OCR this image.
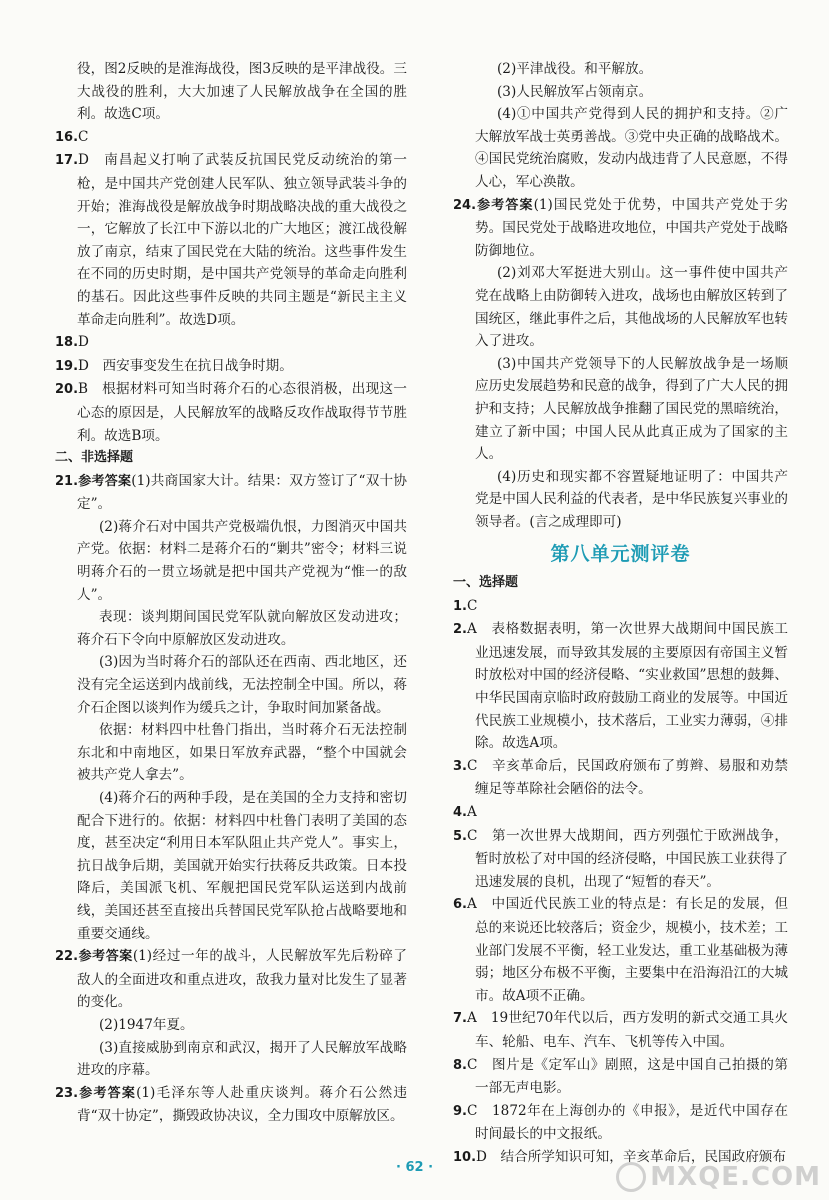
役，图2反映的是淮海战役，图3反映的是平津战役。三大战役的胜利，大大加速了人民解放战争在全国的胜利。故选C项。

16.C

17.D　南昌起义打响了武装反抗国民党反动统治的第一枪，是中国共产党创建人民军队、独立领导武装斗争的开始；淮海战役是解放战争时期战略决战的重大战役之一，它解放了长江中下游以北的广大地区；渡江战役解放了南京，结束了国民党在大陆的统治。这些事件发生在不同的历史时期，是中国共产党领导的革命走向胜利的基石。因此这些事件反映的共同主题是“新民主主义革命走向胜利”。故选D项。

18.D

19.D　西安事变发生在抗日战争时期。

20.B　根据材料可知当时蒋介石的心态很消极，出现这一心态的原因是，人民解放军的战略反攻作战取得节节胜利。故选B项。

二、非选择题

21.参考答案(1)共商国家大计。结果：双方签订了“双十协定”。

(2)蒋介石对中国共产党极端仇恨，力图消灭中国共产党。依据：材料二是蒋介石的“剿共”密令；材料三说明蒋介石的一贯立场就是把中国共产党视为“惟一的敌人”。

表现：谈判期间国民党军队就向解放区发动进攻；蒋介石下令向中原解放区发动进攻。

(3)因为当时蒋介石的部队还在西南、西北地区，还没有完全运送到内战前线，无法控制全中国。所以，蒋介石企图以谈判作为缓兵之计，争取时间加紧备战。

依据：材料四中杜鲁门指出，当时蒋介石无法控制东北和中南地区，如果日军放弃武器，“整个中国就会被共产党人拿去”。

(4)蒋介石的两种手段，是在美国的全力支持和密切配合下进行的。依据：材料四中杜鲁门表明了美国的态度，甚至决定“利用日本军队阻止共产党人”。事实上，抗日战争后期，美国就开始实行扶蒋反共政策。日本投降后，美国派飞机、军舰把国民党军队运送到内战前线，美国还甚至直接出兵替国民党军队抢占战略要地和重要交通线。

22.参考答案(1)经过一年的战斗，人民解放军先后粉碎了敌人的全面进攻和重点进攻，敌我力量对比发生了显著的变化。

(2)1947年夏。

(3)直接威胁到南京和武汉，揭开了人民解放军战略进攻的序幕。

23.参考答案(1)毛泽东等人赴重庆谈判。蒋介石公然违背“双十协定”，撕毁政协决议，全力围攻中原解放区。

(2)平津战役。和平解放。

(3)人民解放军占领南京。

(4)①中国共产党得到人民的拥护和支持。②广大解放军战士英勇善战。③党中央正确的战略战术。④国民党统治腐败，发动内战违背了人民意愿，不得人心，军心涣散。

24.参考答案(1)国民党处于优势，中国共产党处于劣势。国民党处于战略进攻地位，中国共产党处于战略防御地位。

(2)刘邓大军挺进大别山。这一事件使中国共产党在战略上由防御转入进攻，战场也由解放区转到了国统区，继此事件之后，其他战场的人民解放军也转入了进攻。

(3)中国共产党领导下的人民解放战争是一场顺应历史发展趋势和民意的战争，得到了广大人民的拥护和支持；人民解放战争推翻了国民党的黑暗统治，建立了新中国；中国人民从此真正成为了国家的主人。

(4)历史和现实都不容置疑地证明了：中国共产党是中国人民利益的代表者，是中华民族复兴事业的领导者。(言之成理即可)

第八单元测评卷

一、选择题

1.C

2.A　表格数据表明，第一次世界大战期间中国民族工业迅速发展，而导致其发展的主要原因有帝国主义暂时放松对中国的经济侵略、“实业救国”思想的鼓舞、中华民国南京临时政府鼓励工商业的发展等。中国近代民族工业规模小，技术落后，工业实力薄弱，④排除。故选A项。

3.C　辛亥革命后，民国政府颁布了剪辫、易服和劝禁缠足等革除社会陋俗的法令。

4.A

5.C　第一次世界大战期间，西方列强忙于欧洲战争，暂时放松了对中国的经济侵略，中国民族工业获得了迅速发展的良机，出现了“短暂的春天”。

6.A　中国近代民族工业的特点是：有长足的发展，但总的来说还比较落后；资金少，规模小，技术差；工业部门发展不平衡，轻工业发达，重工业基础极为薄弱；地区分布极不平衡，主要集中在沿海沿江的大城市。故A项不正确。

7.A　19世纪70年代以后，西方发明的新式交通工具火车、轮船、电车、汽车、飞机等传入中国。

8.C　图片是《定军山》剧照，这是中国自己拍摄的第一部无声电影。

9.C　1872年在上海创办的《申报》，是近代中国存在时间最长的中文报纸。

10.D　结合所学知识可知，辛亥革命后，民国政府颁布

· 62 ·	MXQE.COM
